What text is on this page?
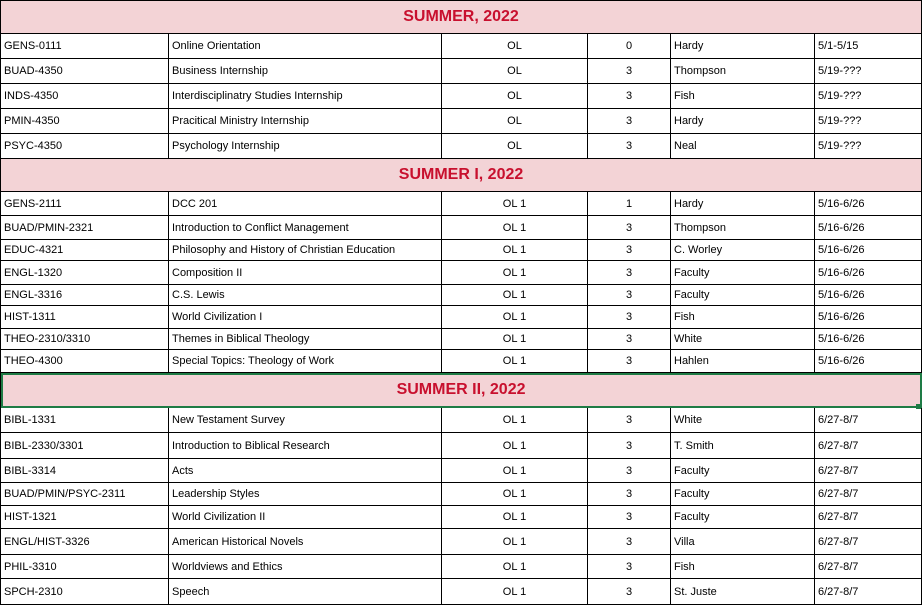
SUMMER, 2022					
GENS-0111	Online Orientation	OL	0	Hardy	5/1-5/15
BUAD-4350	Business Internship	OL	3	Thompson	5/19-???
INDS-4350	Interdisciplinatry Studies Internship	OL	3	Fish	5/19-???
PMIN-4350	Pracitical Ministry Internship	OL	3	Hardy	5/19-???
PSYC-4350	Psychology Internship	OL	3	Neal	5/19-???
SUMMER I, 2022					
GENS-2111	DCC 201	OL 1	1	Hardy	5/16-6/26
BUAD/PMIN-2321	Introduction to Conflict Management	OL 1	3	Thompson	5/16-6/26
EDUC-4321	Philosophy and History of Christian Education	OL 1	3	C. Worley	5/16-6/26
ENGL-1320	Composition II	OL 1	3	Faculty	5/16-6/26
ENGL-3316	C.S. Lewis	OL 1	3	Faculty	5/16-6/26
HIST-1311	World Civilization I	OL 1	3	Fish	5/16-6/26
THEO-2310/3310	Themes in Biblical Theology	OL 1	3	White	5/16-6/26
THEO-4300	Special Topics: Theology of Work	OL 1	3	Hahlen	5/16-6/26
SUMMER II, 2022					
BIBL-1331	New Testament Survey	OL 1	3	White	6/27-8/7
BIBL-2330/3301	Introduction to Biblical Research	OL 1	3	T. Smith	6/27-8/7
BIBL-3314	Acts	OL 1	3	Faculty	6/27-8/7
BUAD/PMIN/PSYC-2311	Leadership Styles	OL 1	3	Faculty	6/27-8/7
HIST-1321	World Civilization II	OL 1	3	Faculty	6/27-8/7
ENGL/HIST-3326	American Historical Novels	OL 1	3	Villa	6/27-8/7
PHIL-3310	Worldviews and Ethics	OL 1	3	Fish	6/27-8/7
SPCH-2310	Speech	OL 1	3	St. Juste	6/27-8/7
